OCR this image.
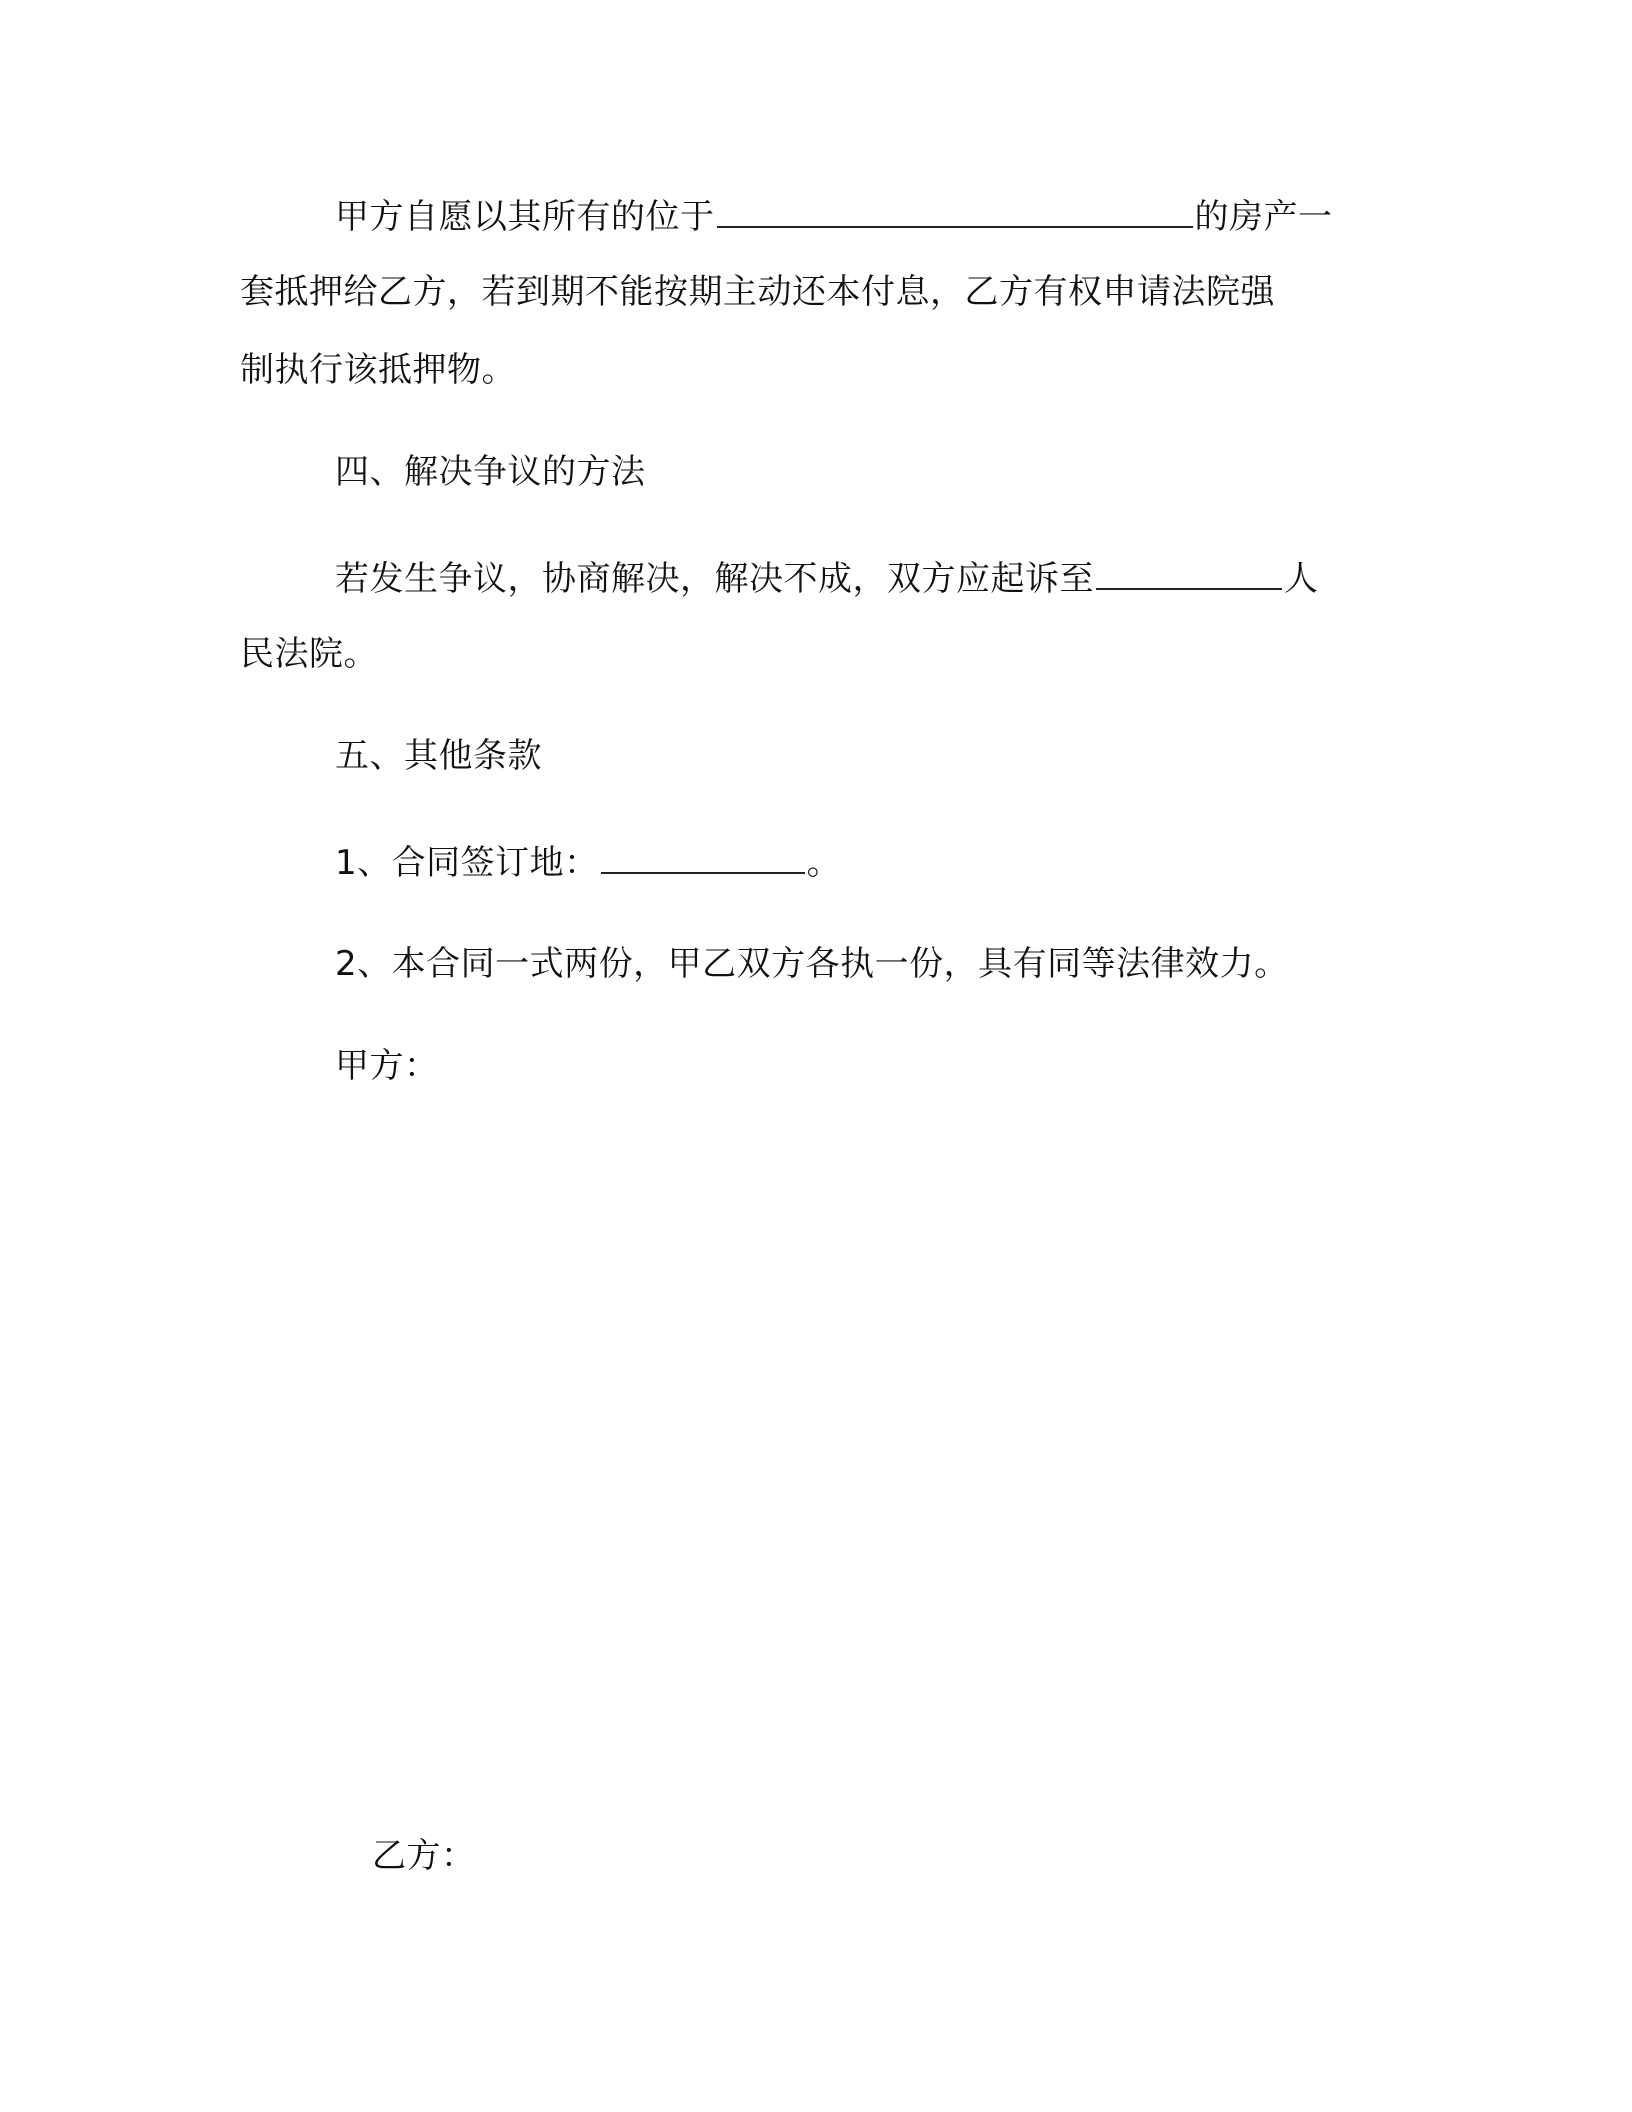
甲方自愿以其所有的位于	的房产一
套抵押给乙方，若到期不能按期主动还本付息，乙方有权申请法院强
制执行该抵押物。
四、解决争议的方法
若发生争议，协商解决，解决不成，双方应起诉至	人
民法院。
五、其他条款
1、合同签订地：	。
2、本合同一式两份，甲乙双方各执一份，具有同等法律效力。
甲方：
乙方：
